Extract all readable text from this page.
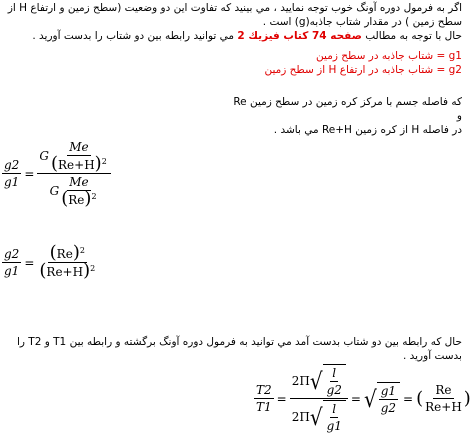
اگر به فرمول دوره آونگ خوب توجه نمایید ، مي بينيد كه تفاوت اين دو وضعيت (سطح زمين و ارتفاع H از
سطح زمين ) در مقدار شتاب جاذبه(g) است .
حال با توجه به مطالب صفحه 74 كتاب فيزيك 2 مي توانيد رابطه بين دو شتاب را بدست آوريد .
g1 = شتاب جاذبه در سطح زمين
g2 = شتاب جاذبه در ارتفاع H از سطح زمين
كه فاصله جسم با مركز كره زمين در سطح زمين Re
و
در فاصله H از كره زمين Re+H مي باشد .
$\frac{g2}{g1} = \frac{G \frac{Me}{(Re+H)^2}}{G \frac{Me}{(Re)^2}}$
$\frac{g2}{g1} = \frac{(Re)^2}{(Re+H)^2}$
حال كه رابطه بين دو شتاب بدست آمد مي توانيد به فرمول دوره آونگ برگشته و رابطه بين T1 و T2 را
بدست آوريد .
$\frac{T2}{T1} = \frac{2\Pi √ \frac{l}{g2}}{2\Pi √ \frac{l}{g1}}$ = √ $\frac{g1}{g2}$ = ( $\frac{Re}{Re+H}$ )
